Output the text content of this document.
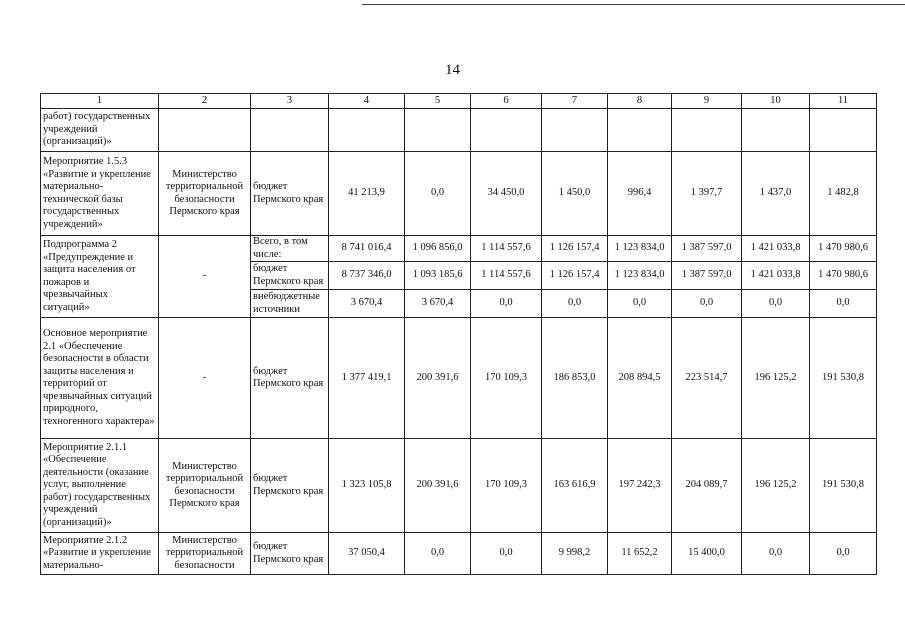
14
1	2	3	4	5	6	7	8	9	10	11
работ) государственных учреждений (организаций)»										
Мероприятие 1.5.3 «Развитие и укрепление материально-технической базы государственных учреждений»	Министерство территориальной безопасности Пермского края	бюджет Пермского края	41 213,9	0,0	34 450,0	1 450,0	996,4	1 397,7	1 437,0	1 482,8
Подпрограмма 2 «Предупреждение и защита населения от пожаров и чрезвычайных ситуаций»	-	Всего, в том числе:	8 741 016,4	1 096 856,0	1 114 557,6	1 126 157,4	1 123 834,0	1 387 597,0	1 421 033,8	1 470 980,6
		бюджет Пермского края	8 737 346,0	1 093 185,6	1 114 557,6	1 126 157,4	1 123 834,0	1 387 597,0	1 421 033,8	1 470 980,6
		внебюджетные источники	3 670,4	3 670,4	0,0	0,0	0,0	0,0	0,0	0,0
Основное мероприятие 2.1 «Обеспечение безопасности в области защиты населения и территорий от чрезвычайных ситуаций природного, техногенного характера»	-	бюджет Пермского края	1 377 419,1	200 391,6	170 109,3	186 853,0	208 894,5	223 514,7	196 125,2	191 530,8
Мероприятие 2.1.1 «Обеспечение деятельности (оказание услуг, выполнение работ) государственных учреждений (организаций)»	Министерство территориальной безопасности Пермского края	бюджет Пермского края	1 323 105,8	200 391,6	170 109,3	163 616,9	197 242,3	204 089,7	196 125,2	191 530,8
Мероприятие 2.1.2 «Развитие и укрепление материально-	Министерство территориальной безопасности	бюджет Пермского края	37 050,4	0,0	0,0	9 998,2	11 652,2	15 400,0	0,0	0,0
